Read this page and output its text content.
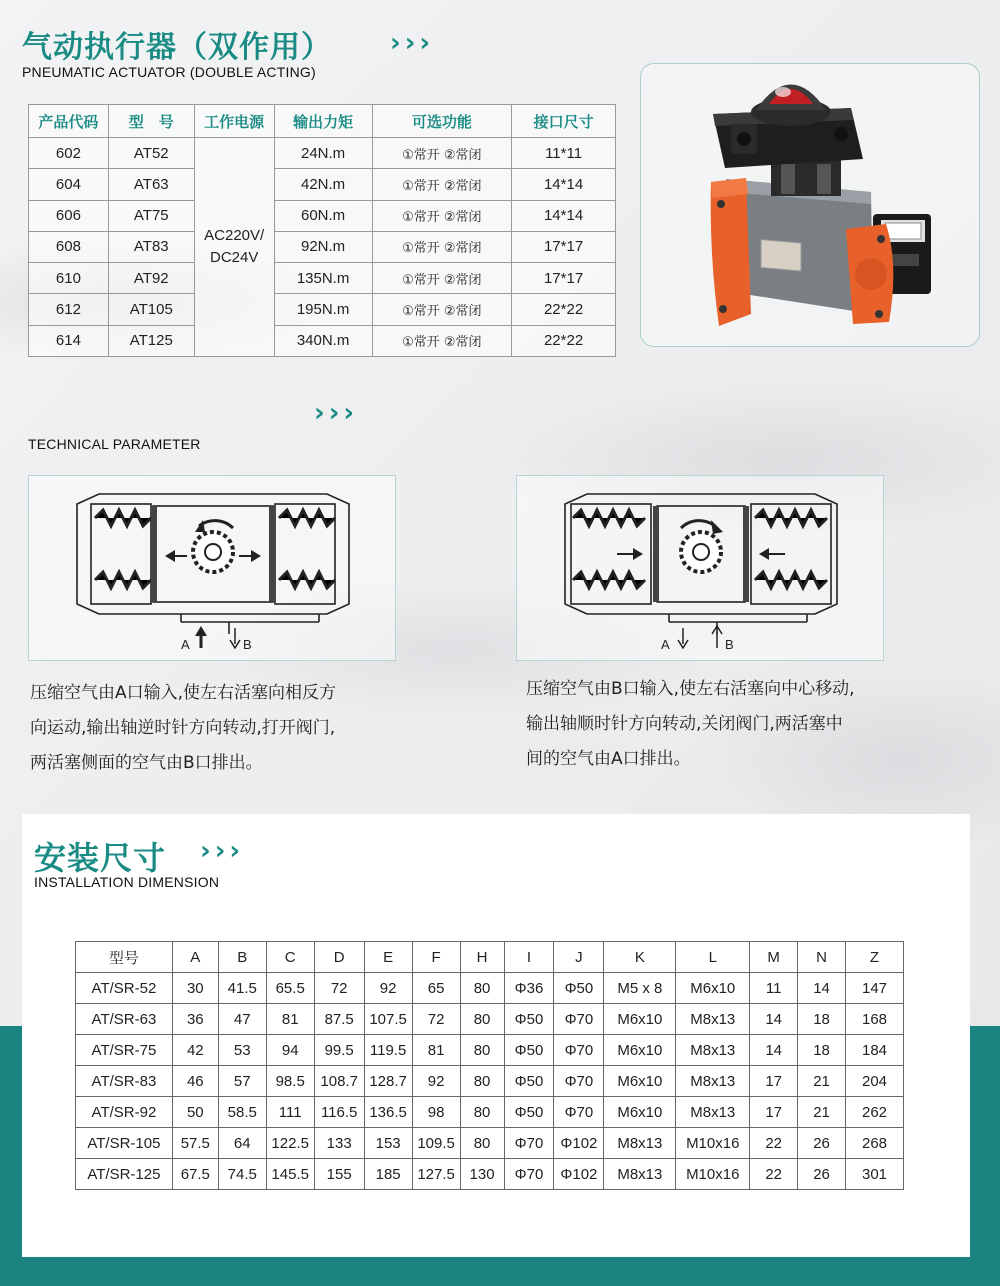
气动执行器（双作用） ›››
PNEUMATIC ACTUATOR (DOUBLE ACTING)
产品代码	型　号	工作电源	输出力矩	可选功能	接口尺寸
602	AT52	AC220V/ DC24V	24N.m	①常开 ②常闭	11*11
604	AT63		42N.m	①常开 ②常闭	14*14
606	AT75		60N.m	①常开 ②常闭	14*14
608	AT83		92N.m	①常开 ②常闭	17*17
610	AT92		135N.m	①常开 ②常闭	17*17
612	AT105		195N.m	①常开 ②常闭	22*22
614	AT125		340N.m	①常开 ②常闭	22*22
›››
TECHNICAL PARAMETER
A	B	A	B
压缩空气由A口输入,使左右活塞向相反方
向运动,输出轴逆时针方向转动,打开阀门,
两活塞侧面的空气由B口排出。
压缩空气由B口输入,使左右活塞向中心移动,
输出轴顺时针方向转动,关闭阀门,两活塞中
间的空气由A口排出。
安装尺寸 ›››
INSTALLATION DIMENSION
型号	A	B	C	D	E	F	H	I	J	K	L	M	N	Z
AT/SR-52	30	41.5	65.5	72	92	65	80	Φ36	Φ50	M5 x 8	M6x10	11	14	147
AT/SR-63	36	47	81	87.5	107.5	72	80	Φ50	Φ70	M6x10	M8x13	14	18	168
AT/SR-75	42	53	94	99.5	119.5	81	80	Φ50	Φ70	M6x10	M8x13	14	18	184
AT/SR-83	46	57	98.5	108.7	128.7	92	80	Φ50	Φ70	M6x10	M8x13	17	21	204
AT/SR-92	50	58.5	111	116.5	136.5	98	80	Φ50	Φ70	M6x10	M8x13	17	21	262
AT/SR-105	57.5	64	122.5	133	153	109.5	80	Φ70	Φ102	M8x13	M10x16	22	26	268
AT/SR-125	67.5	74.5	145.5	155	185	127.5	130	Φ70	Φ102	M8x13	M10x16	22	26	301
